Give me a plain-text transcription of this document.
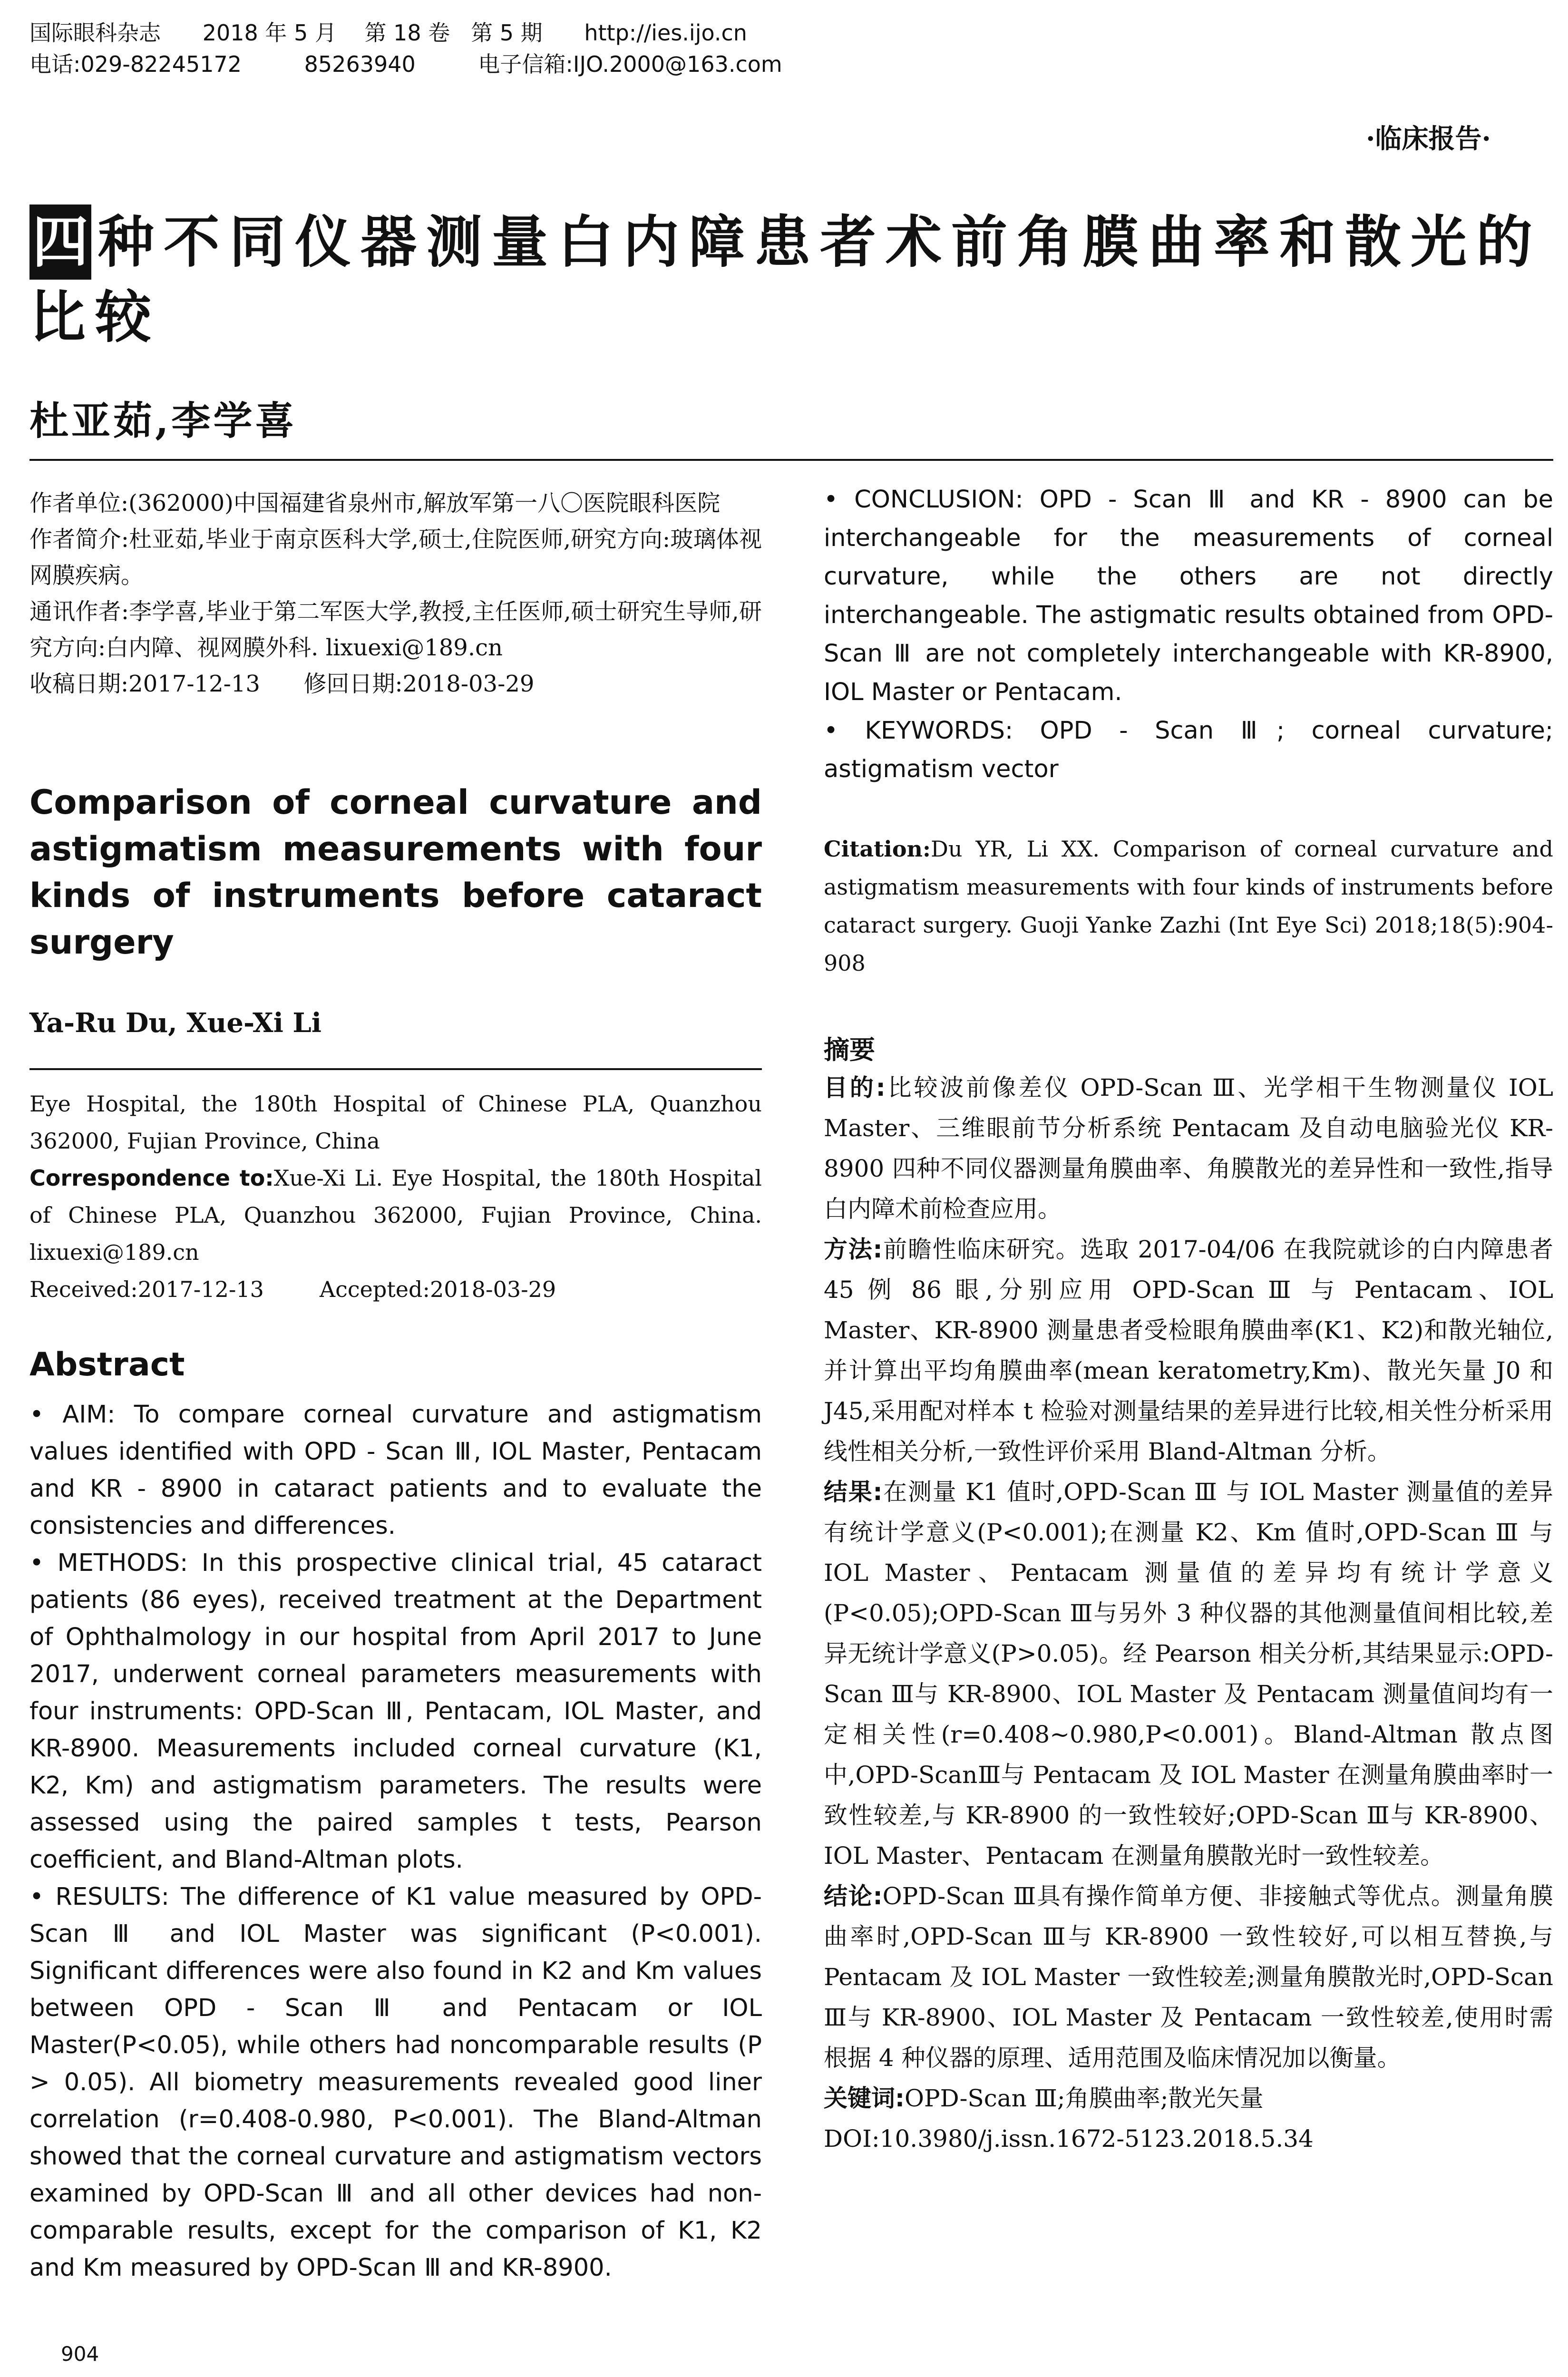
国际眼科杂志 2018 年 5 月 第 18 卷 第 5 期 http://ies.ijo.cn
电话:029-82245172	85263940	电子信箱:IJO.2000@163.com
·临床报告·
四 种不同仪器测量白内障患者术前角膜曲率和散光的比较
杜亚茹,李学喜

作者单位:(362000)中国福建省泉州市,解放军第一八〇医院眼科医院

作者简介:杜亚茹,毕业于南京医科大学,硕士,住院医师,研究方向:玻璃体视网膜疾病。

通讯作者:李学喜,毕业于第二军医大学,教授,主任医师,硕士研究生导师,研究方向:白内障、视网膜外科. lixuexi@189.cn

收稿日期:2017-12-13      修回日期:2018-03-29

Comparison of corneal curvature and astigmatism measurements with four kinds of instruments before cataract surgery
Ya-Ru Du, Xue-Xi Li

Eye Hospital, the 180th Hospital of Chinese PLA, Quanzhou 362000, Fujian Province, China

Correspondence to:Xue-Xi Li. Eye Hospital, the 180th Hospital of Chinese PLA, Quanzhou 362000, Fujian Province, China. lixuexi@189.cn

Received:2017-12-13        Accepted:2018-03-29

Abstract

• AIM: To compare corneal curvature and astigmatism values identified with OPD - Scan Ⅲ, IOL Master, Pentacam and KR - 8900 in cataract patients and to evaluate the consistencies and differences.

• METHODS: In this prospective clinical trial, 45 cataract patients (86 eyes), received treatment at the Department of Ophthalmology in our hospital from April 2017 to June 2017, underwent corneal parameters measurements with four instruments: OPD-Scan Ⅲ, Pentacam, IOL Master, and KR-8900. Measurements included corneal curvature (K1, K2, Km) and astigmatism parameters. The results were assessed using the paired samples t tests, Pearson coefficient, and Bland-Altman plots.

• RESULTS: The difference of K1 value measured by OPD-Scan Ⅲ and IOL Master was significant (P<0.001). Significant differences were also found in K2 and Km values between OPD - Scan Ⅲ and Pentacam or IOL Master(P<0.05), while others had noncomparable results (P > 0.05). All biometry measurements revealed good liner correlation (r=0.408-0.980, P<0.001). The Bland-Altman showed that the corneal curvature and astigmatism vectors examined by OPD-Scan Ⅲ and all other devices had non-comparable results, except for the comparison of K1, K2 and Km measured by OPD-Scan Ⅲ and KR-8900.

• CONCLUSION: OPD - Scan Ⅲ and KR - 8900 can be interchangeable for the measurements of corneal curvature, while the others are not directly interchangeable. The astigmatic results obtained from OPD-Scan Ⅲ are not completely interchangeable with KR-8900, IOL Master or Pentacam.

• KEYWORDS: OPD - Scan Ⅲ; corneal curvature; astigmatism vector

Citation:Du YR, Li XX. Comparison of corneal curvature and astigmatism measurements with four kinds of instruments before cataract surgery. Guoji Yanke Zazhi (Int Eye Sci) 2018;18(5):904-908
摘要

目的:比较波前像差仪 OPD-Scan Ⅲ、光学相干生物测量仪 IOL Master、三维眼前节分析系统 Pentacam 及自动电脑验光仪 KR-8900 四种不同仪器测量角膜曲率、角膜散光的差异性和一致性,指导白内障术前检查应用。

方法:前瞻性临床研究。选取 2017-04/06 在我院就诊的白内障患者 45 例 86 眼,分别应用 OPD-Scan Ⅲ 与 Pentacam、IOL Master、KR-8900 测量患者受检眼角膜曲率(K1、K2)和散光轴位,并计算出平均角膜曲率(mean keratometry,Km)、散光矢量 J0 和 J45,采用配对样本 t 检验对测量结果的差异进行比较,相关性分析采用线性相关分析,一致性评价采用 Bland-Altman 分析。

结果:在测量 K1 值时,OPD-Scan Ⅲ 与 IOL Master 测量值的差异有统计学意义(P<0.001);在测量 K2、Km 值时,OPD-Scan Ⅲ 与 IOL Master、Pentacam 测量值的差异均有统计学意义(P<0.05);OPD-Scan Ⅲ与另外 3 种仪器的其他测量值间相比较,差异无统计学意义(P>0.05)。经 Pearson 相关分析,其结果显示:OPD-Scan Ⅲ与 KR-8900、IOL Master 及 Pentacam 测量值间均有一定相关性(r=0.408~0.980,P<0.001)。Bland-Altman 散点图中,OPD-ScanⅢ与 Pentacam 及 IOL Master 在测量角膜曲率时一致性较差,与 KR-8900 的一致性较好;OPD-Scan Ⅲ与 KR-8900、IOL Master、Pentacam 在测量角膜散光时一致性较差。

结论:OPD-Scan Ⅲ具有操作简单方便、非接触式等优点。测量角膜曲率时,OPD-Scan Ⅲ与 KR-8900 一致性较好,可以相互替换,与 Pentacam 及 IOL Master 一致性较差;测量角膜散光时,OPD-Scan Ⅲ与 KR-8900、IOL Master 及 Pentacam 一致性较差,使用时需根据 4 种仪器的原理、适用范围及临床情况加以衡量。

关键词:OPD-Scan Ⅲ;角膜曲率;散光矢量

DOI:10.3980/j.issn.1672-5123.2018.5.34

904
